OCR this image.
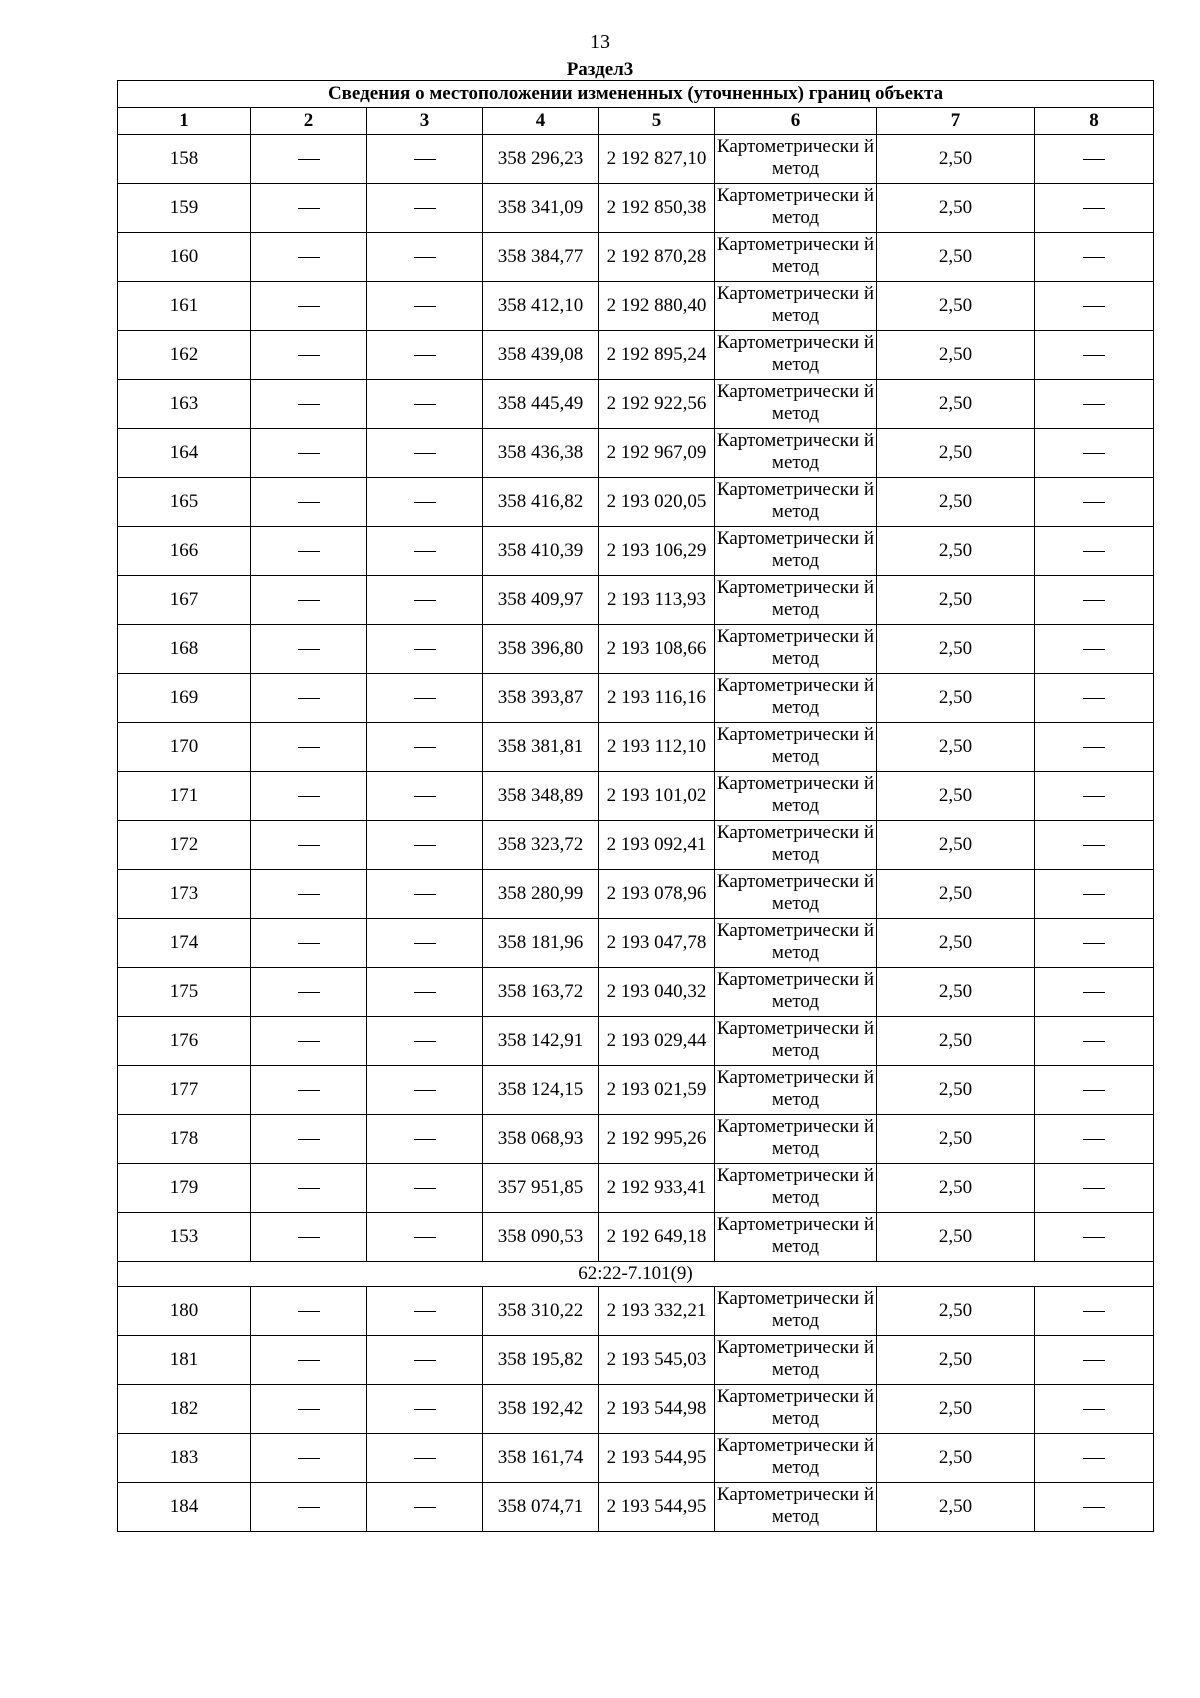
13
Раздел3
Сведения о местоположении измененных (уточненных) границ объекта							
1	2	3	4	5	6	7	8
158			358 296,23	2 192 827,10	Картометрически й метод	2,50	
159			358 341,09	2 192 850,38	Картометрически й метод	2,50	
160			358 384,77	2 192 870,28	Картометрически й метод	2,50	
161			358 412,10	2 192 880,40	Картометрически й метод	2,50	
162			358 439,08	2 192 895,24	Картометрически й метод	2,50	
163			358 445,49	2 192 922,56	Картометрически й метод	2,50	
164			358 436,38	2 192 967,09	Картометрически й метод	2,50	
165			358 416,82	2 193 020,05	Картометрически й метод	2,50	
166			358 410,39	2 193 106,29	Картометрически й метод	2,50	
167			358 409,97	2 193 113,93	Картометрически й метод	2,50	
168			358 396,80	2 193 108,66	Картометрически й метод	2,50	
169			358 393,87	2 193 116,16	Картометрически й метод	2,50	
170			358 381,81	2 193 112,10	Картометрически й метод	2,50	
171			358 348,89	2 193 101,02	Картометрически й метод	2,50	
172			358 323,72	2 193 092,41	Картометрически й метод	2,50	
173			358 280,99	2 193 078,96	Картометрически й метод	2,50	
174			358 181,96	2 193 047,78	Картометрически й метод	2,50	
175			358 163,72	2 193 040,32	Картометрически й метод	2,50	
176			358 142,91	2 193 029,44	Картометрически й метод	2,50	
177			358 124,15	2 193 021,59	Картометрически й метод	2,50	
178			358 068,93	2 192 995,26	Картометрически й метод	2,50	
179			357 951,85	2 192 933,41	Картометрически й метод	2,50	
153			358 090,53	2 192 649,18	Картометрически й метод	2,50	
62:22-7.101(9)							
180			358 310,22	2 193 332,21	Картометрически й метод	2,50	
181			358 195,82	2 193 545,03	Картометрически й метод	2,50	
182			358 192,42	2 193 544,98	Картометрически й метод	2,50	
183			358 161,74	2 193 544,95	Картометрически й метод	2,50	
184			358 074,71	2 193 544,95	Картометрически й метод	2,50	
